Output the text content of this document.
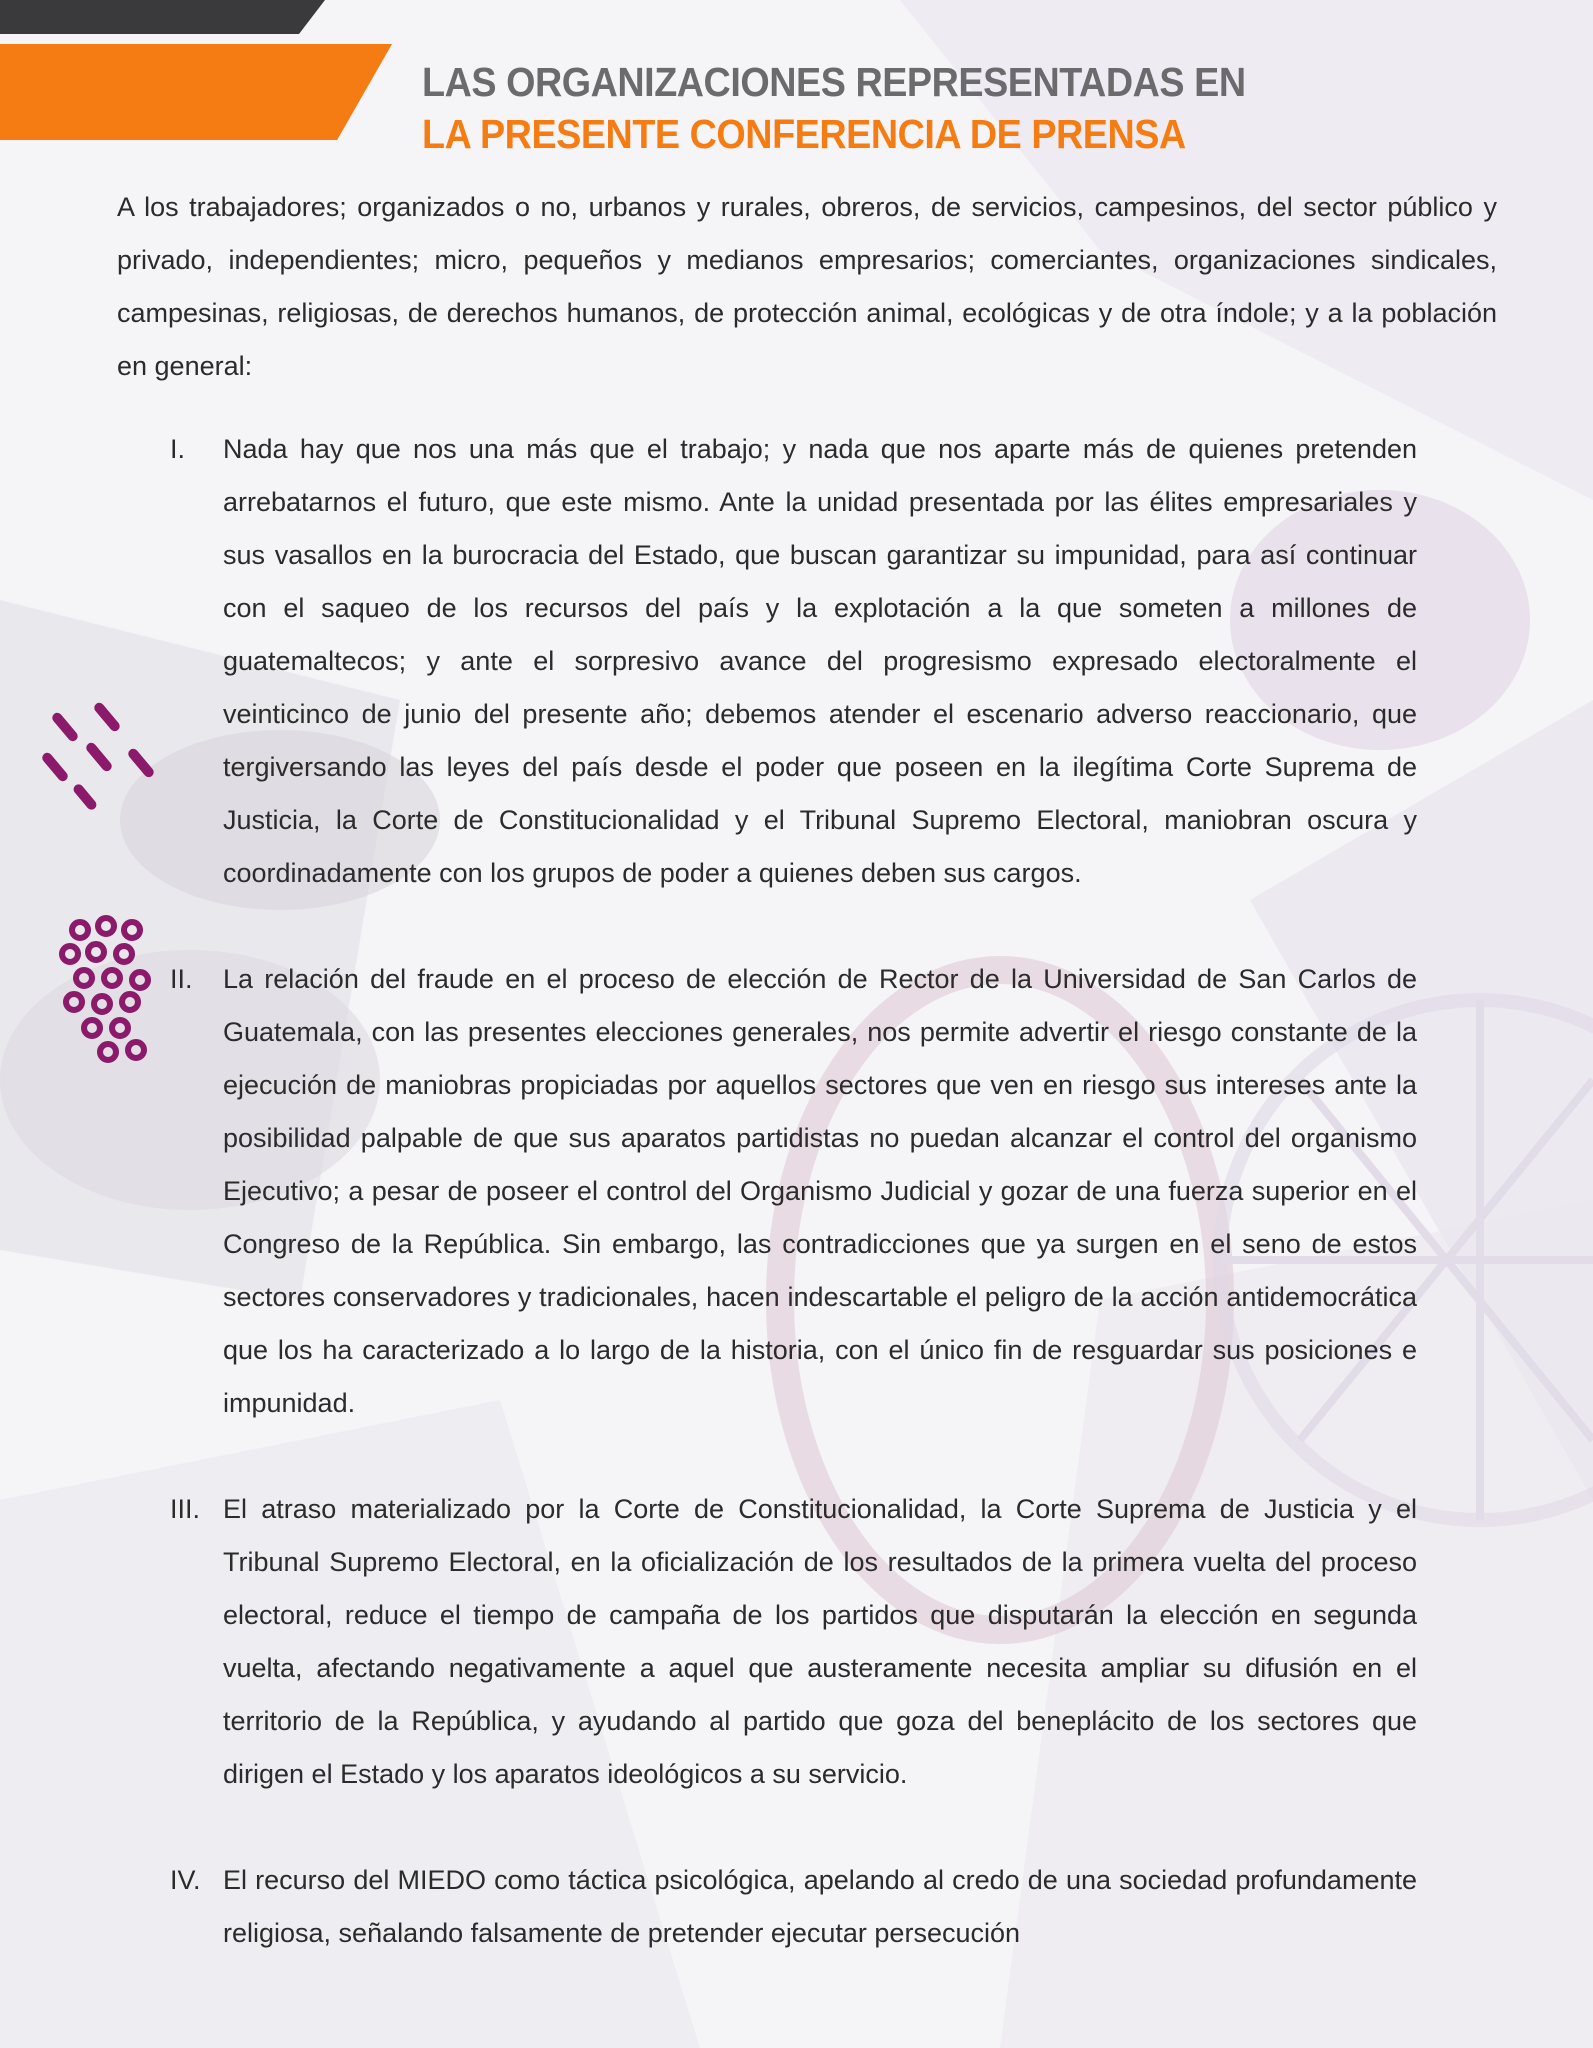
LAS ORGANIZACIONES REPRESENTADAS EN
LA PRESENTE CONFERENCIA DE PRENSA

A los trabajadores; organizados o no, urbanos y rurales, obreros, de servicios, campesinos, del sector público y privado, independientes; micro, pequeños y medianos empresarios; comerciantes, organizaciones sindicales, campesinas, religiosas, de derechos humanos, de protección animal, ecológicas y de otra índole; y a la población en general:

I.	Nada hay que nos una más que el trabajo; y nada que nos aparte más de quienes pretenden arrebatarnos el futuro, que este mismo. Ante la unidad presentada por las élites empresariales y sus vasallos en la burocracia del Estado, que buscan garantizar su impunidad, para así continuar con el saqueo de los recursos del país y la explotación a la que someten a millones de guatemaltecos; y ante el sorpresivo avance del progresismo expresado electoralmente el veinticinco de junio del presente año; debemos atender el escenario adverso reaccionario, que tergiversando las leyes del país desde el poder que poseen en la ilegítima Corte Suprema de Justicia, la Corte de Constitucionalidad y el Tribunal Supremo Electoral, maniobran oscura y coordinadamente con los grupos de poder a quienes deben sus cargos.

II.	La relación del fraude en el proceso de elección de Rector de la Universidad de San Carlos de Guatemala, con las presentes elecciones generales, nos permite advertir el riesgo constante de la ejecución de maniobras propiciadas por aquellos sectores que ven en riesgo sus intereses ante la posibilidad palpable de que sus aparatos partidistas no puedan alcanzar el control del organismo Ejecutivo; a pesar de poseer el control del Organismo Judicial y gozar de una fuerza superior en el Congreso de la República. Sin embargo, las contradicciones que ya surgen en el seno de estos sectores conservadores y tradicionales, hacen indescartable el peligro de la acción antidemocrática que los ha caracterizado a lo largo de la historia, con el único fin de resguardar sus posiciones e impunidad.

III. El atraso materializado por la Corte de Constitucionalidad, la Corte Suprema de Justicia y el Tribunal Supremo Electoral, en la oficialización de los resultados de la primera vuelta del proceso electoral, reduce el tiempo de campaña de los partidos que disputarán la elección en segunda vuelta, afectando negativamente a aquel que austeramente necesita ampliar su difusión en el territorio de la República, y ayudando al partido que goza del beneplácito de los sectores que dirigen el Estado y los aparatos ideológicos a su servicio.

IV. El recurso del MIEDO como táctica psicológica, apelando al credo de una sociedad profundamente religiosa, señalando falsamente de pretender ejecutar persecución
